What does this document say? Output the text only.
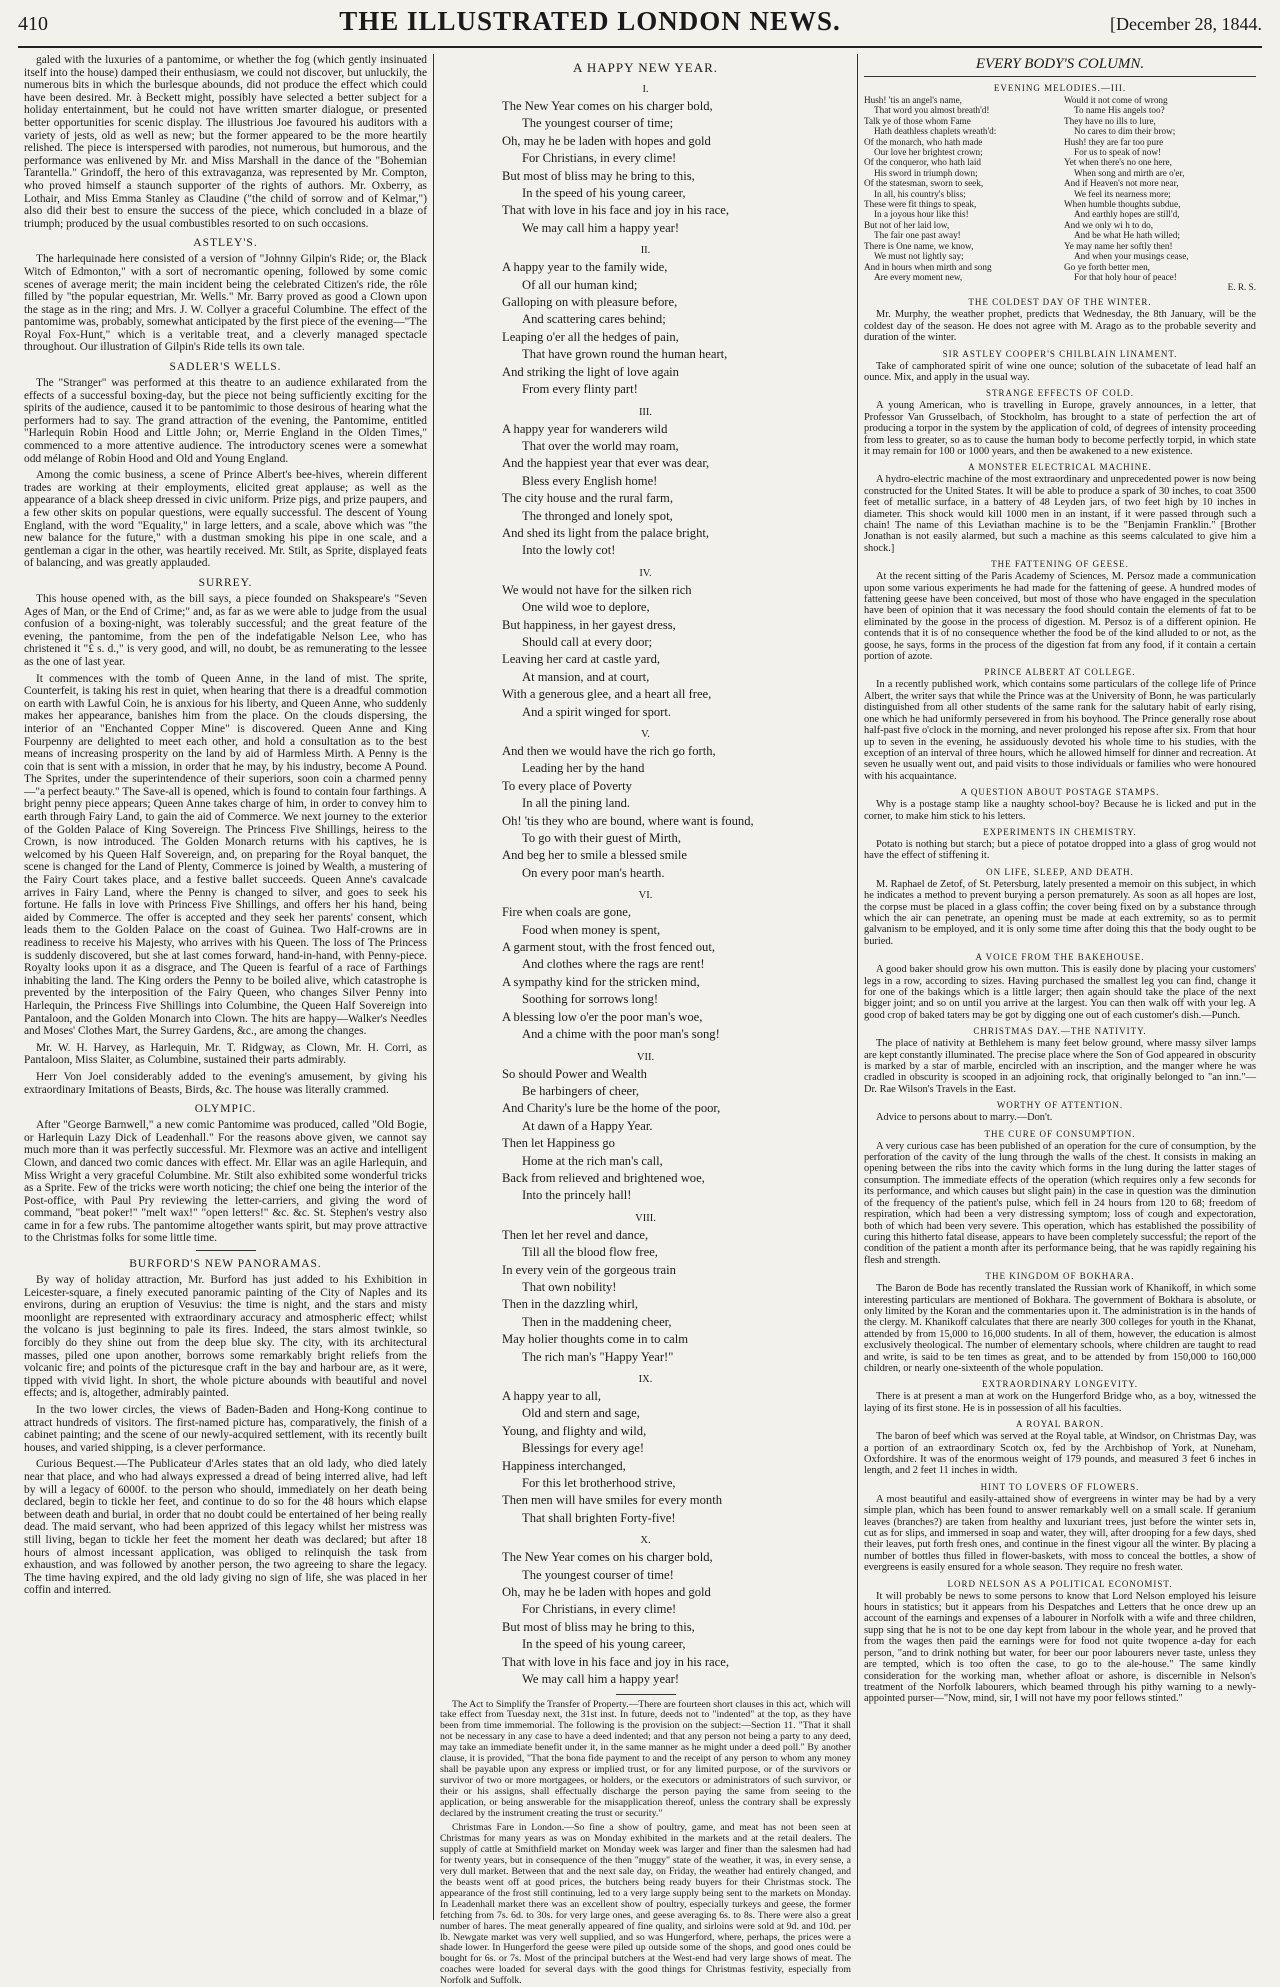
410	THE ILLUSTRATED LONDON NEWS.	[December 28, 1844.

galed with the luxuries of a pantomime, or whether the fog (which gently insinuated itself into the house) damped their enthusiasm, we could not discover, but unluckily, the numerous bits in which the burlesque abounds, did not produce the effect which could have been desired. Mr. à Beckett might, possibly have selected a better subject for a holiday entertainment, but he could not have written smarter dialogue, or presented better opportunities for scenic display. The illustrious Joe favoured his auditors with a variety of jests, old as well as new; but the former appeared to be the more heartily relished. The piece is interspersed with parodies, not numerous, but humorous, and the performance was enlivened by Mr. and Miss Marshall in the dance of the "Bohemian Tarantella." Grindoff, the hero of this extravaganza, was represented by Mr. Compton, who proved himself a staunch supporter of the rights of authors. Mr. Oxberry, as Lothair, and Miss Emma Stanley as Claudine ("the child of sorrow and of Kelmar,") also did their best to ensure the success of the piece, which concluded in a blaze of triumph; produced by the usual combustibles resorted to on such occasions.

ASTLEY'S.

The harlequinade here consisted of a version of "Johnny Gilpin's Ride; or, the Black Witch of Edmonton," with a sort of necromantic opening, followed by some comic scenes of average merit; the main incident being the celebrated Citizen's ride, the rôle filled by "the popular equestrian, Mr. Wells." Mr. Barry proved as good a Clown upon the stage as in the ring; and Mrs. J. W. Collyer a graceful Columbine. The effect of the pantomime was, probably, somewhat anticipated by the first piece of the evening—"The Royal Fox-Hunt," which is a veritable treat, and a cleverly managed spectacle throughout. Our illustration of Gilpin's Ride tells its own tale.

SADLER'S WELLS.

The "Stranger" was performed at this theatre to an audience exhilarated from the effects of a successful boxing-day, but the piece not being sufficiently exciting for the spirits of the audience, caused it to be pantomimic to those desirous of hearing what the performers had to say. The grand attraction of the evening, the Pantomime, entitled "Harlequin Robin Hood and Little John; or, Merrie England in the Olden Times," commenced to a more attentive audience. The introductory scenes were a somewhat odd mélange of Robin Hood and Old and Young England.

Among the comic business, a scene of Prince Albert's bee-hives, wherein different trades are working at their employments, elicited great applause; as well as the appearance of a black sheep dressed in civic uniform. Prize pigs, and prize paupers, and a few other skits on popular questions, were equally successful. The descent of Young England, with the word "Equality," in large letters, and a scale, above which was "the new balance for the future," with a dustman smoking his pipe in one scale, and a gentleman a cigar in the other, was heartily received. Mr. Stilt, as Sprite, displayed feats of balancing, and was greatly applauded.

SURREY.

This house opened with, as the bill says, a piece founded on Shakspeare's "Seven Ages of Man, or the End of Crime;" and, as far as we were able to judge from the usual confusion of a boxing-night, was tolerably successful; and the great feature of the evening, the pantomime, from the pen of the indefatigable Nelson Lee, who has christened it "£ s. d.," is very good, and will, no doubt, be as remunerating to the lessee as the one of last year.

It commences with the tomb of Queen Anne, in the land of mist. The sprite, Counterfeit, is taking his rest in quiet, when hearing that there is a dreadful commotion on earth with Lawful Coin, he is anxious for his liberty, and Queen Anne, who suddenly makes her appearance, banishes him from the place. On the clouds dispersing, the interior of an "Enchanted Copper Mine" is discovered. Queen Anne and King Fourpenny are delighted to meet each other, and hold a consultation as to the best means of increasing prosperity on the land by aid of Harmless Mirth. A Penny is the coin that is sent with a mission, in order that he may, by his industry, become A Pound. The Sprites, under the superintendence of their superiors, soon coin a charmed penny—"a perfect beauty." The Save-all is opened, which is found to contain four farthings. A bright penny piece appears; Queen Anne takes charge of him, in order to convey him to earth through Fairy Land, to gain the aid of Commerce. We next journey to the exterior of the Golden Palace of King Sovereign. The Princess Five Shillings, heiress to the Crown, is now introduced. The Golden Monarch returns with his captives, he is welcomed by his Queen Half Sovereign, and, on preparing for the Royal banquet, the scene is changed for the Land of Plenty, Commerce is joined by Wealth, a mustering of the Fairy Court takes place, and a festive ballet succeeds. Queen Anne's cavalcade arrives in Fairy Land, where the Penny is changed to silver, and goes to seek his fortune. He falls in love with Princess Five Shillings, and offers her his hand, being aided by Commerce. The offer is accepted and they seek her parents' consent, which leads them to the Golden Palace on the coast of Guinea. Two Half-crowns are in readiness to receive his Majesty, who arrives with his Queen. The loss of The Princess is suddenly discovered, but she at last comes forward, hand-in-hand, with Penny-piece. Royalty looks upon it as a disgrace, and The Queen is fearful of a race of Farthings inhabiting the land. The King orders the Penny to be boiled alive, which catastrophe is prevented by the interposition of the Fairy Queen, who changes Silver Penny into Harlequin, the Princess Five Shillings into Columbine, the Queen Half Sovereign into Pantaloon, and the Golden Monarch into Clown. The hits are happy—Walker's Needles and Moses' Clothes Mart, the Surrey Gardens, &c., are among the changes.

Mr. W. H. Harvey, as Harlequin, Mr. T. Ridgway, as Clown, Mr. H. Corri, as Pantaloon, Miss Slaiter, as Columbine, sustained their parts admirably.

Herr Von Joel considerably added to the evening's amusement, by giving his extraordinary Imitations of Beasts, Birds, &c. The house was literally crammed.

OLYMPIC.

After "George Barnwell," a new comic Pantomime was produced, called "Old Bogie, or Harlequin Lazy Dick of Leadenhall." For the reasons above given, we cannot say much more than it was perfectly successful. Mr. Flexmore was an active and intelligent Clown, and danced two comic dances with effect. Mr. Ellar was an agile Harlequin, and Miss Wright a very graceful Columbine. Mr. Stilt also exhibited some wonderful tricks as a Sprite. Few of the tricks were worth noticing; the chief one being the interior of the Post-office, with Paul Pry reviewing the letter-carriers, and giving the word of command, "beat poker!" "melt wax!" "open letters!" &c. &c. St. Stephen's vestry also came in for a few rubs. The pantomime altogether wants spirit, but may prove attractive to the Christmas folks for some little time.

BURFORD'S NEW PANORAMAS.

By way of holiday attraction, Mr. Burford has just added to his Exhibition in Leicester-square, a finely executed panoramic painting of the City of Naples and its environs, during an eruption of Vesuvius: the time is night, and the stars and misty moonlight are represented with extraordinary accuracy and atmospheric effect; whilst the volcano is just beginning to pale its fires. Indeed, the stars almost twinkle, so forcibly do they shine out from the deep blue sky. The city, with its architectural masses, piled one upon another, borrows some remarkably bright reliefs from the volcanic fire; and points of the picturesque craft in the bay and harbour are, as it were, tipped with vivid light. In short, the whole picture abounds with beautiful and novel effects; and is, altogether, admirably painted.

In the two lower circles, the views of Baden-Baden and Hong-Kong continue to attract hundreds of visitors. The first-named picture has, comparatively, the finish of a cabinet painting; and the scene of our newly-acquired settlement, with its recently built houses, and varied shipping, is a clever performance.

Curious Bequest.—The Publicateur d'Arles states that an old lady, who died lately near that place, and who had always expressed a dread of being interred alive, had left by will a legacy of 6000f. to the person who should, immediately on her death being declared, begin to tickle her feet, and continue to do so for the 48 hours which elapse between death and burial, in order that no doubt could be entertained of her being really dead. The maid servant, who had been apprized of this legacy whilst her mistress was still living, began to tickle her feet the moment her death was declared; but after 18 hours of almost incessant application, was obliged to relinquish the task from exhaustion, and was followed by another person, the two agreeing to share the legacy. The time having expired, and the old lady giving no sign of life, she was placed in her coffin and interred.

A HAPPY NEW YEAR.
I.
The New Year comes on his charger bold,
The youngest courser of time;
Oh, may he be laden with hopes and gold
For Christians, in every clime!
But most of bliss may he bring to this,
In the speed of his young career,
That with love in his face and joy in his race,
We may call him a happy year!
II.
A happy year to the family wide,
Of all our human kind;
Galloping on with pleasure before,
And scattering cares behind;
Leaping o'er all the hedges of pain,
That have grown round the human heart,
And striking the light of love again
From every flinty part!
III.
A happy year for wanderers wild
That over the world may roam,
And the happiest year that ever was dear,
Bless every English home!
The city house and the rural farm,
The thronged and lonely spot,
And shed its light from the palace bright,
Into the lowly cot!
IV.
We would not have for the silken rich
One wild woe to deplore,
But happiness, in her gayest dress,
Should call at every door;
Leaving her card at castle yard,
At mansion, and at court,
With a generous glee, and a heart all free,
And a spirit winged for sport.
V.
And then we would have the rich go forth,
Leading her by the hand
To every place of Poverty
In all the pining land.
Oh! 'tis they who are bound, where want is found,
To go with their guest of Mirth,
And beg her to smile a blessed smile
On every poor man's hearth.
VI.
Fire when coals are gone,
Food when money is spent,
A garment stout, with the frost fenced out,
And clothes where the rags are rent!
A sympathy kind for the stricken mind,
Soothing for sorrows long!
A blessing low o'er the poor man's woe,
And a chime with the poor man's song!
VII.
So should Power and Wealth
Be harbingers of cheer,
And Charity's lure be the home of the poor,
At dawn of a Happy Year.
Then let Happiness go
Home at the rich man's call,
Back from relieved and brightened woe,
Into the princely hall!
VIII.
Then let her revel and dance,
Till all the blood flow free,
In every vein of the gorgeous train
That own nobility!
Then in the dazzling whirl,
Then in the maddening cheer,
May holier thoughts come in to calm
The rich man's "Happy Year!"
IX.
A happy year to all,
Old and stern and sage,
Young, and flighty and wild,
Blessings for every age!
Happiness interchanged,
For this let brotherhood strive,
Then men will have smiles for every month
That shall brighten Forty-five!
X.
The New Year comes on his charger bold,
The youngest courser of time!
Oh, may he be laden with hopes and gold
For Christians, in every clime!
But most of bliss may he bring to this,
In the speed of his young career,
That with love in his face and joy in his race,
We may call him a happy year!

The Act to Simplify the Transfer of Property.—There are fourteen short clauses in this act, which will take effect from Tuesday next, the 31st inst. In future, deeds not to "indented" at the top, as they have been from time immemorial. The following is the provision on the subject:—Section 11. "That it shall not be necessary in any case to have a deed indented; and that any person not being a party to any deed, may take an immediate benefit under it, in the same manner as he might under a deed poll." By another clause, it is provided, "That the bona fide payment to and the receipt of any person to whom any money shall be payable upon any express or implied trust, or for any limited purpose, or of the survivors or survivor of two or more mortgagees, or holders, or the executors or administrators of such survivor, or their or his assigns, shall effectually discharge the person paying the same from seeing to the application, or being answerable for the misapplication thereof, unless the contrary shall be expressly declared by the instrument creating the trust or security."

Christmas Fare in London.—So fine a show of poultry, game, and meat has not been seen at Christmas for many years as was on Monday exhibited in the markets and at the retail dealers. The supply of cattle at Smithfield market on Monday week was larger and finer than the salesmen had had for twenty years, but in consequence of the then "muggy" state of the weather, it was, in every sense, a very dull market. Between that and the next sale day, on Friday, the weather had entirely changed, and the beasts went off at good prices, the butchers being ready buyers for their Christmas stock. The appearance of the frost still continuing, led to a very large supply being sent to the markets on Monday. In Leadenhall market there was an excellent show of poultry, especially turkeys and geese, the former fetching from 7s. 6d. to 30s. for very large ones, and geese averaging 6s. to 8s. There were also a great number of hares. The meat generally appeared of fine quality, and sirloins were sold at 9d. and 10d. per lb. Newgate market was very well supplied, and so was Hungerford, where, perhaps, the prices were a shade lower. In Hungerford the geese were piled up outside some of the shops, and good ones could be bought for 6s. or 7s. Most of the principal butchers at the West-end had very large shows of meat. The coaches were loaded for several days with the good things for Christmas festivity, especially from Norfolk and Suffolk.

EVERY BODY'S COLUMN.
EVENING MELODIES.—III.
Hush! 'tis an angel's name,
That word you almost breath'd!
Talk ye of those whom Fame
Hath deathless chaplets wreath'd:
Of the monarch, who hath made
Our love her brightest crown;
Of the conqueror, who hath laid
His sword in triumph down;
Of the statesman, sworn to seek,
In all, his country's bliss;
These were fit things to speak,
In a joyous hour like this!
But not of her laid low,
The fair one past away!
There is One name, we know,
We must not lightly say;
And in hours when mirth and song
Are every moment new,
Would it not come of wrong
To name His angels too?
They have no ills to lure,
No cares to dim their brow;
Hush! they are far too pure
For us to speak of now!
Yet when there's no one here,
When song and mirth are o'er,
And if Heaven's not more near,
We feel its nearness more;
When humble thoughts subdue,
And earthly hopes are still'd,
And we only wi h to do,
And be what He hath willed;
Ye may name her softly then!
And when your musings cease,
Go ye forth better men,
For that holy hour of peace!
E. R. S.
THE COLDEST DAY OF THE WINTER.

Mr. Murphy, the weather prophet, predicts that Wednesday, the 8th January, will be the coldest day of the season. He does not agree with M. Arago as to the probable severity and duration of the winter.

SIR ASTLEY COOPER'S CHILBLAIN LINAMENT.

Take of camphorated spirit of wine one ounce; solution of the subacetate of lead half an ounce. Mix, and apply in the usual way.

STRANGE EFFECTS OF COLD.

A young American, who is travelling in Europe, gravely announces, in a letter, that Professor Van Grusselbach, of Stockholm, has brought to a state of perfection the art of producing a torpor in the system by the application of cold, of degrees of intensity proceeding from less to greater, so as to cause the human body to become perfectly torpid, in which state it may remain for 100 or 1000 years, and then be awakened to a new existence.

A MONSTER ELECTRICAL MACHINE.

A hydro-electric machine of the most extraordinary and unprecedented power is now being constructed for the United States. It will be able to produce a spark of 30 inches, to coat 3500 feet of metallic surface, in a battery of 48 Leyden jars, of two feet high by 10 inches in diameter. This shock would kill 1000 men in an instant, if it were passed through such a chain! The name of this Leviathan machine is to be the "Benjamin Franklin." [Brother Jonathan is not easily alarmed, but such a machine as this seems calculated to give him a shock.]

THE FATTENING OF GEESE.

At the recent sitting of the Paris Academy of Sciences, M. Persoz made a communication upon some various experiments he had made for the fattening of geese. A hundred modes of fattening geese have been conceived, but most of those who have engaged in the speculation have been of opinion that it was necessary the food should contain the elements of fat to be eliminated by the goose in the process of digestion. M. Persoz is of a different opinion. He contends that it is of no consequence whether the food be of the kind alluded to or not, as the goose, he says, forms in the process of the digestion fat from any food, if it contain a certain portion of azote.

PRINCE ALBERT AT COLLEGE.

In a recently published work, which contains some particulars of the college life of Prince Albert, the writer says that while the Prince was at the University of Bonn, he was particularly distinguished from all other students of the same rank for the salutary habit of early rising, one which he had uniformly persevered in from his boyhood. The Prince generally rose about half-past five o'clock in the morning, and never prolonged his repose after six. From that hour up to seven in the evening, he assiduously devoted his whole time to his studies, with the exception of an interval of three hours, which he allowed himself for dinner and recreation. At seven he usually went out, and paid visits to those individuals or families who were honoured with his acquaintance.

A QUESTION ABOUT POSTAGE STAMPS.

Why is a postage stamp like a naughty school-boy? Because he is licked and put in the corner, to make him stick to his letters.

EXPERIMENTS IN CHEMISTRY.

Potato is nothing but starch; but a piece of potatoe dropped into a glass of grog would not have the effect of stiffening it.

ON LIFE, SLEEP, AND DEATH.

M. Raphael de Zetof, of St. Petersburg, lately presented a memoir on this subject, in which he indicates a method to prevent burying a person prematurely. As soon as all hopes are lost, the corpse must be placed in a glass coffin; the cover being fixed on by a substance through which the air can penetrate, an opening must be made at each extremity, so as to permit galvanism to be employed, and it is only some time after doing this that the body ought to be buried.

A VOICE FROM THE BAKEHOUSE.

A good baker should grow his own mutton. This is easily done by placing your customers' legs in a row, according to sizes. Having purchased the smallest leg you can find, change it for one of the bakings which is a little larger; then again should take the place of the next bigger joint; and so on until you arrive at the largest. You can then walk off with your leg. A good crop of baked taters may be got by digging one out of each customer's dish.—Punch.

CHRISTMAS DAY.—THE NATIVITY.

The place of nativity at Bethlehem is many feet below ground, where massy silver lamps are kept constantly illuminated. The precise place where the Son of God appeared in obscurity is marked by a star of marble, encircled with an inscription, and the manger where he was cradled in obscurity is scooped in an adjoining rock, that originally belonged to "an inn."—Dr. Rae Wilson's Travels in the East.

WORTHY OF ATTENTION.

Advice to persons about to marry.—Don't.

THE CURE OF CONSUMPTION.

A very curious case has been published of an operation for the cure of consumption, by the perforation of the cavity of the lung through the walls of the chest. It consists in making an opening between the ribs into the cavity which forms in the lung during the latter stages of consumption. The immediate effects of the operation (which requires only a few seconds for its performance, and which causes but slight pain) in the case in question was the diminution of the frequency of the patient's pulse, which fell in 24 hours from 120 to 68; freedom of respiration, which had been a very distressing symptom; loss of cough and expectoration, both of which had been very severe. This operation, which has established the possibility of curing this hitherto fatal disease, appears to have been completely successful; the report of the condition of the patient a month after its performance being, that he was rapidly regaining his flesh and strength.

THE KINGDOM OF BOKHARA.

The Baron de Bode has recently translated the Russian work of Khanikoff, in which some interesting particulars are mentioned of Bokhara. The government of Bokhara is absolute, or only limited by the Koran and the commentaries upon it. The administration is in the hands of the clergy. M. Khanikoff calculates that there are nearly 300 colleges for youth in the Khanat, attended by from 15,000 to 16,000 students. In all of them, however, the education is almost exclusively theological. The number of elementary schools, where children are taught to read and write, is said to be ten times as great, and to be attended by from 150,000 to 160,000 children, or nearly one-sixteenth of the whole population.

EXTRAORDINARY LONGEVITY.

There is at present a man at work on the Hungerford Bridge who, as a boy, witnessed the laying of its first stone. He is in possession of all his faculties.

A ROYAL BARON.

The baron of beef which was served at the Royal table, at Windsor, on Christmas Day, was a portion of an extraordinary Scotch ox, fed by the Archbishop of York, at Nuneham, Oxfordshire. It was of the enormous weight of 179 pounds, and measured 3 feet 6 inches in length, and 2 feet 11 inches in width.

HINT TO LOVERS OF FLOWERS.

A most beautiful and easily-attained show of evergreens in winter may be had by a very simple plan, which has been found to answer remarkably well on a small scale. If geranium leaves (branches?) are taken from healthy and luxuriant trees, just before the winter sets in, cut as for slips, and immersed in soap and water, they will, after drooping for a few days, shed their leaves, put forth fresh ones, and continue in the finest vigour all the winter. By placing a number of bottles thus filled in flower-baskets, with moss to conceal the bottles, a show of evergreens is easily ensured for a whole season. They require no fresh water.

LORD NELSON AS A POLITICAL ECONOMIST.

It will probably be news to some persons to know that Lord Nelson employed his leisure hours in statistics; but it appears from his Despatches and Letters that he once drew up an account of the earnings and expenses of a labourer in Norfolk with a wife and three children, supp sing that he is not to be one day kept from labour in the whole year, and he proved that from the wages then paid the earnings were for food not quite twopence a-day for each person, "and to drink nothing but water, for beer our poor labourers never taste, unless they are tempted, which is too often the case, to go to the ale-house." The same kindly consideration for the working man, whether afloat or ashore, is discernible in Nelson's treatment of the Norfolk labourers, which beamed through his pithy warning to a newly-appointed purser—"Now, mind, sir, I will not have my poor fellows stinted."
